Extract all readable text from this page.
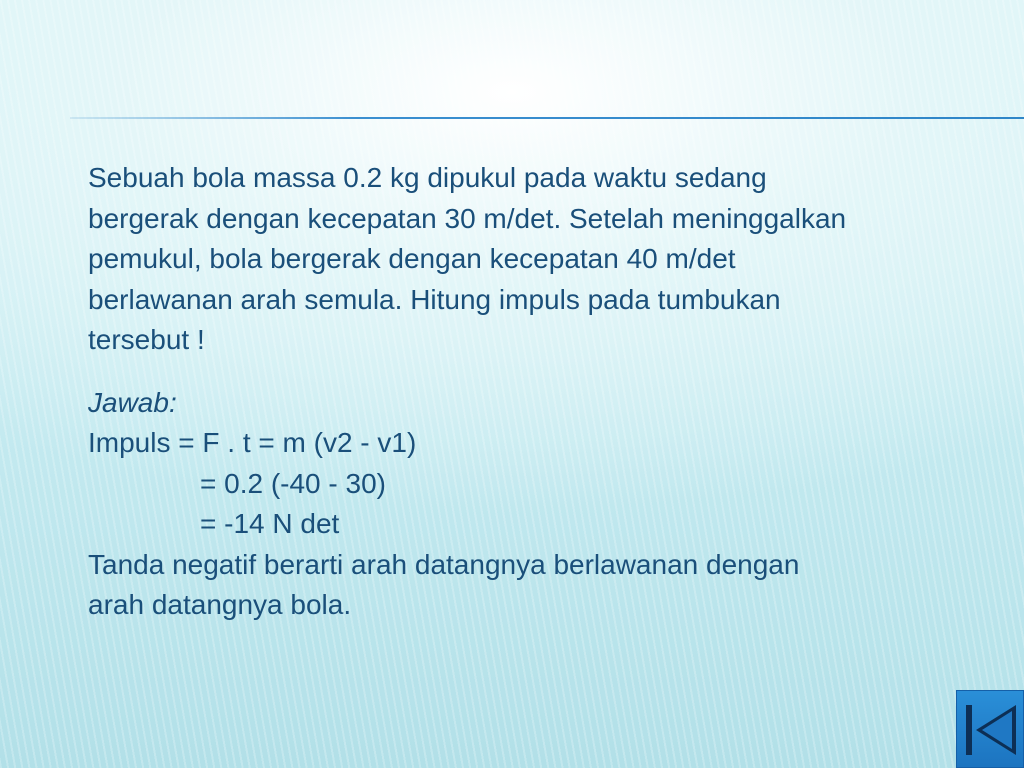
Sebuah bola massa 0.2 kg dipukul pada waktu sedang
bergerak dengan kecepatan 30 m/det. Setelah meninggalkan
pemukul, bola bergerak dengan kecepatan 40 m/det
berlawanan arah semula. Hitung impuls pada tumbukan
tersebut !

Jawab:
Impuls = F . t = m (v2 - v1)
= 0.2 (-40 - 30)
= -14 N det
Tanda negatif berarti arah datangnya berlawanan dengan
arah datangnya bola.
